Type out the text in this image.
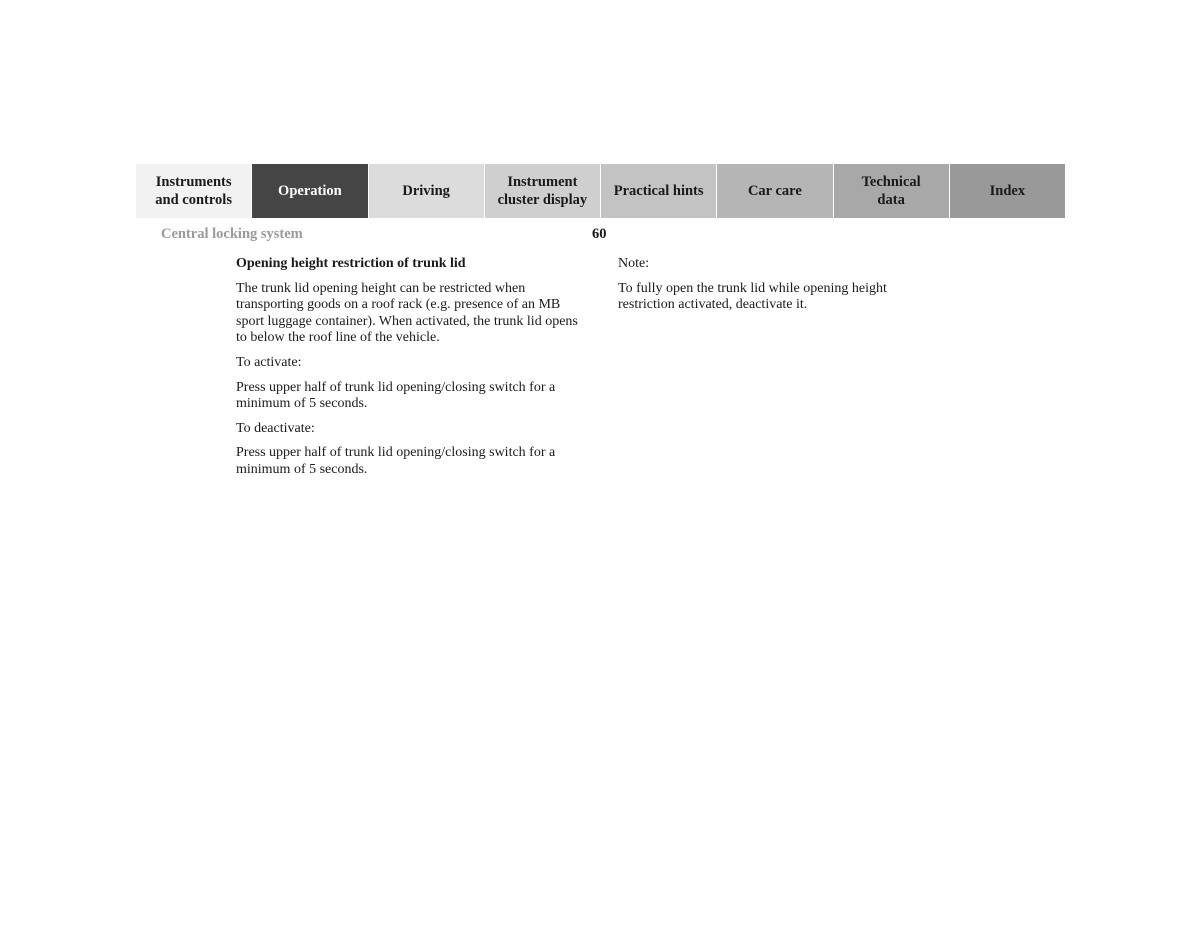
Instruments
and controls
Operation	Driving
Instrument
cluster display
Practical hints	Car care
Technical
data
Index
Central locking system	60
Opening height restriction of trunk lid

The trunk lid opening height can be restricted when transporting goods on a roof rack (e.g. presence of an MB sport luggage container). When activated, the trunk lid opens to below the roof line of the vehicle.

To activate:

Press upper half of trunk lid opening/closing switch for a minimum of 5 seconds.

To deactivate:

Press upper half of trunk lid opening/closing switch for a minimum of 5 seconds.

Note:

To fully open the trunk lid while opening height restriction activated, deactivate it.
